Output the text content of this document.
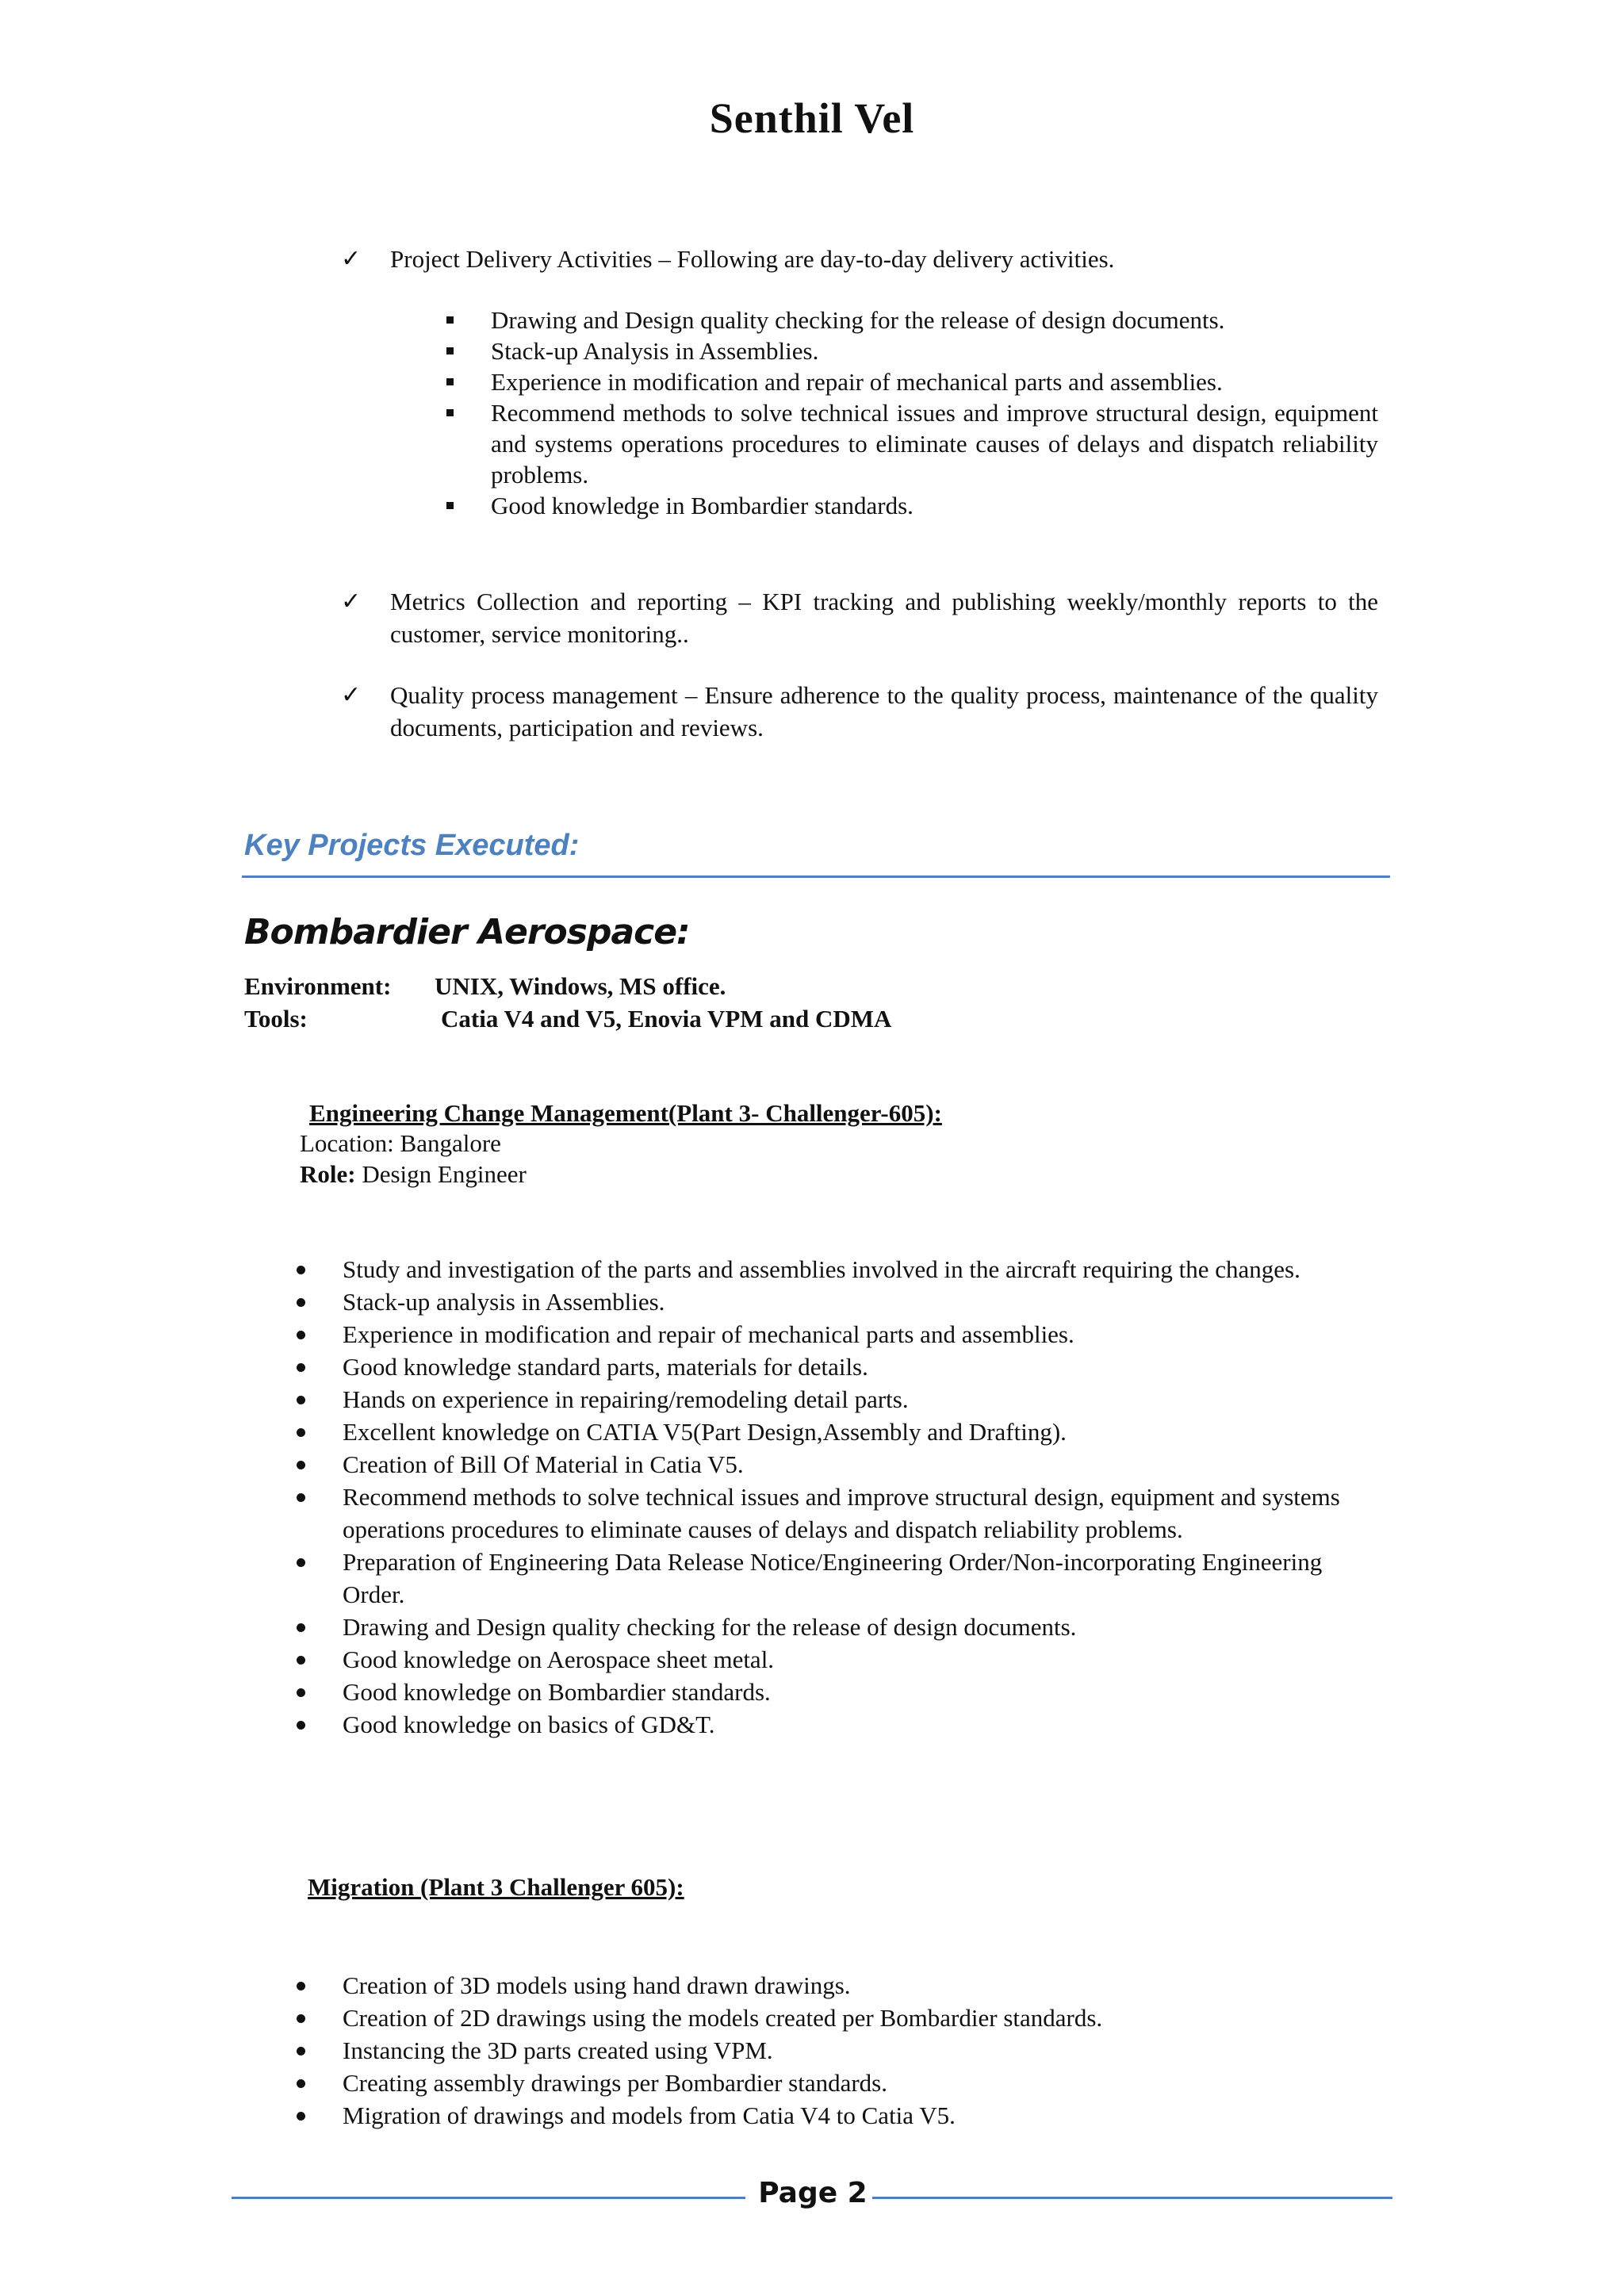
Senthil Vel
✓	Project Delivery Activities – Following are day-to-day delivery activities.
Drawing and Design quality checking for the release of design documents.
Stack-up Analysis in Assemblies.
Experience in modification and repair of mechanical parts and assemblies.
Recommend methods to solve technical issues and improve structural design, equipment and systems operations procedures to eliminate causes of delays and dispatch reliability problems.
Good knowledge in Bombardier standards.
✓	Metrics Collection and reporting – KPI tracking and publishing weekly/monthly reports to the customer, service monitoring..
✓	Quality process management – Ensure adherence to the quality process, maintenance of the quality documents, participation and reviews.
Key Projects Executed:
Bombardier Aerospace:
Environment: UNIX, Windows, MS office.
Tools:	Catia V4 and V5, Enovia VPM and CDMA
Engineering Change Management(Plant 3- Challenger-605):
Location: Bangalore
Role: Design Engineer
Study and investigation of the parts and assemblies involved in the aircraft requiring the changes.
Stack-up analysis in Assemblies.
Experience in modification and repair of mechanical parts and assemblies.
Good knowledge standard parts, materials for details.
Hands on experience in repairing/remodeling detail parts.
Excellent knowledge on CATIA V5(Part Design,Assembly and Drafting).
Creation of Bill Of Material in Catia V5.
Recommend methods to solve technical issues and improve structural design, equipment and systems operations procedures to eliminate causes of delays and dispatch reliability problems.
Preparation of Engineering Data Release Notice/Engineering Order/Non-incorporating Engineering Order.
Drawing and Design quality checking for the release of design documents.
Good knowledge on Aerospace sheet metal.
Good knowledge on Bombardier standards.
Good knowledge on basics of GD&T.
Migration (Plant 3 Challenger 605):
Creation of 3D models using hand drawn drawings.
Creation of 2D drawings using the models created per Bombardier standards.
Instancing the 3D parts created using VPM.
Creating assembly drawings per Bombardier standards.
Migration of drawings and models from Catia V4 to Catia V5.
Page 2
